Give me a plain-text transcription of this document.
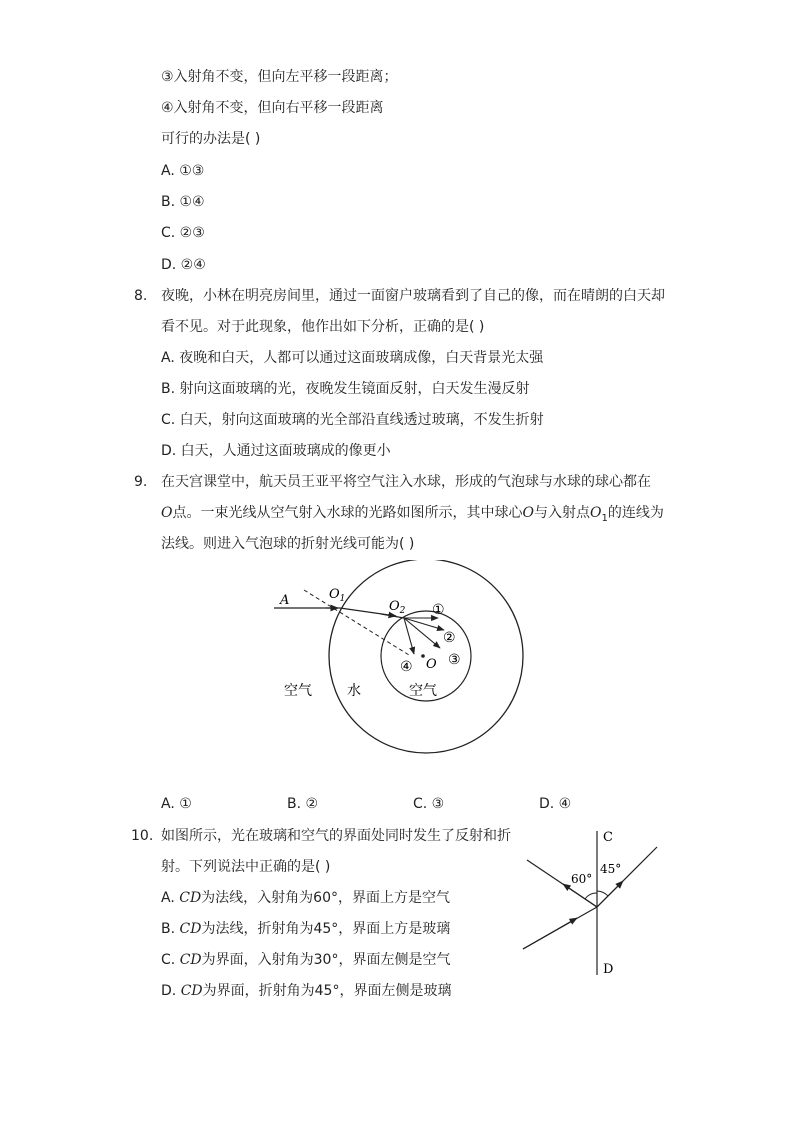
③入射角不变，但向左平移一段距离；
④入射角不变，但向右平移一段距离
可行的办法是( )
A. ①③
B. ①④
C. ②③
D. ②④
8. 夜晚，小林在明亮房间里，通过一面窗户玻璃看到了自己的像，而在晴朗的白天却
看不见。对于此现象，他作出如下分析，正确的是( )
A. 夜晚和白天，人都可以通过这面玻璃成像，白天背景光太强
B. 射向这面玻璃的光，夜晚发生镜面反射，白天发生漫反射
C. 白天，射向这面玻璃的光全部沿直线透过玻璃，不发生折射
D. 白天，人通过这面玻璃成的像更小
9. 在天宫课堂中，航天员王亚平将空气注入水球，形成的气泡球与水球的球心都在
O点。一束光线从空气射入水球的光路如图所示，其中球心O与入射点$O_1$的连线为
法线。则进入气泡球的折射光线可能为( )
A	$O_1$	$O_2$
O
①
②
③
④
空气	水	空气
A. ①	B. ②	C. ③	D. ④
10. 如图所示，光在玻璃和空气的界面处同时发生了反射和折
射。下列说法中正确的是( )
A. CD为法线，入射角为60°，界面上方是空气
B. CD为法线，折射角为45°，界面上方是玻璃
C. CD为界面，入射角为30°，界面左侧是空气
D. CD为界面，折射角为45°，界面左侧是玻璃
C
D
60°
45°
